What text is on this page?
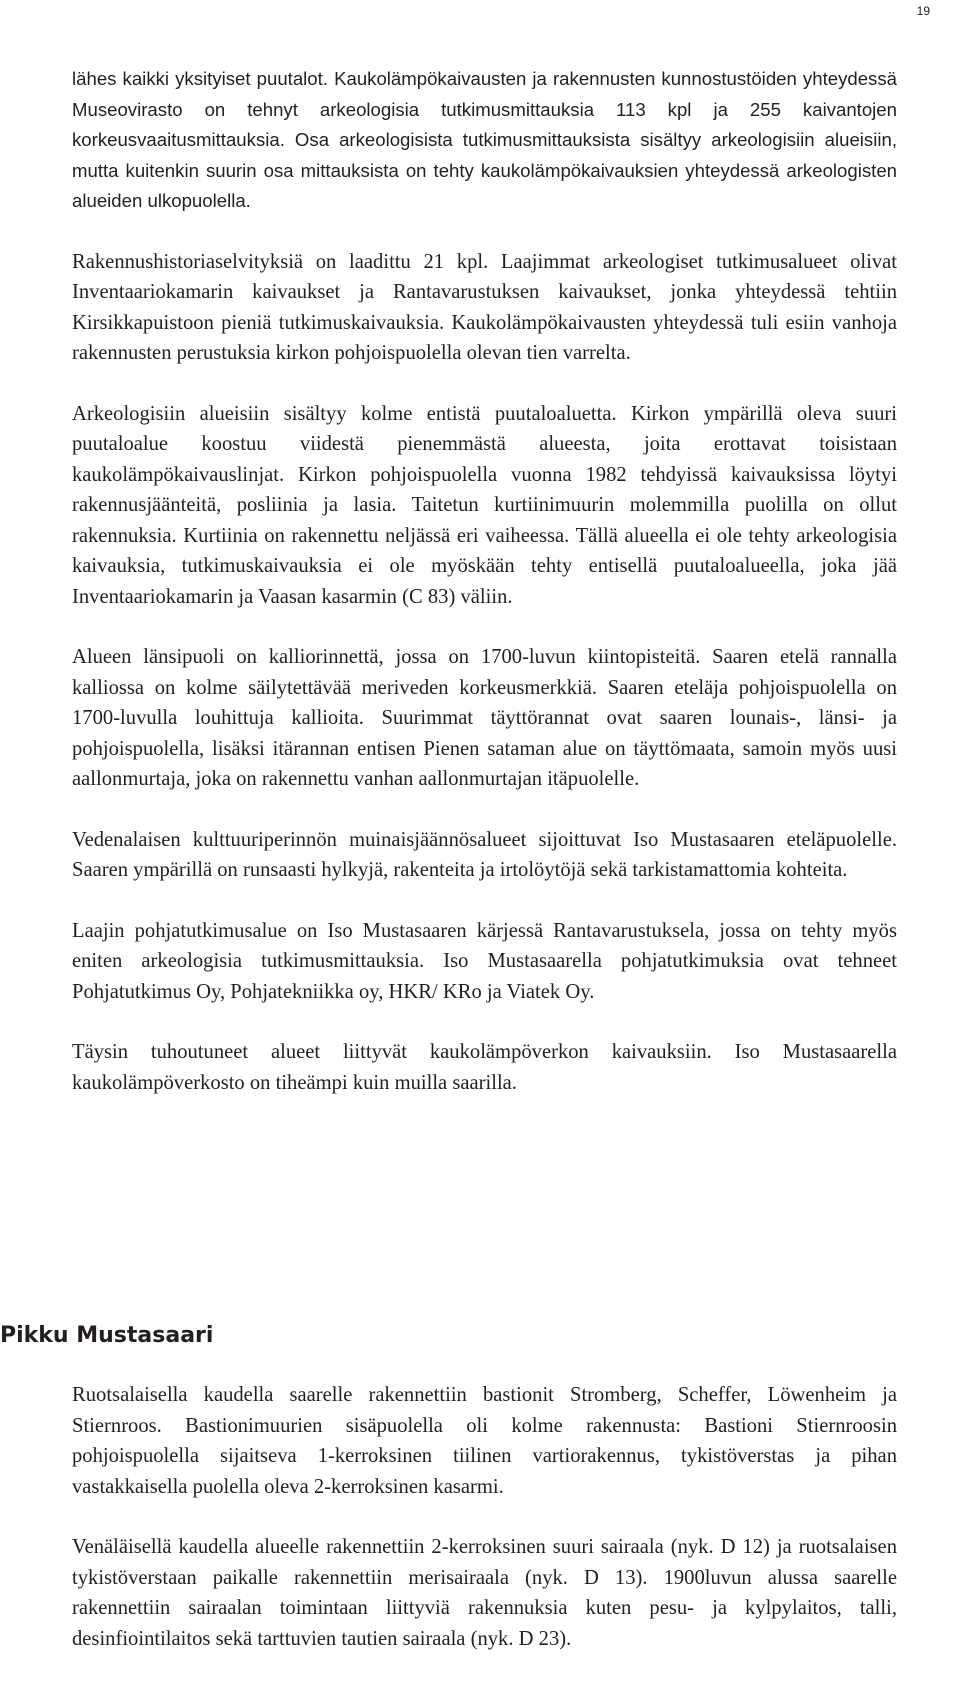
19

lähes kaikki yksityiset puutalot. Kaukolämpökaivausten ja rakennusten kunnostustöiden yhteydessä Museovirasto on tehnyt arkeologisia tutkimusmittauksia 113 kpl ja 255 kaivantojen korkeusvaaitusmittauksia. Osa arkeologisista tutkimusmittauksista sisältyy arkeologisiin alueisiin, mutta kuitenkin suurin osa mittauksista on tehty kaukolämpökaivauksien yhteydessä arkeologisten alueiden ulkopuolella.

Rakennushistoriaselvityksiä on laadittu 21 kpl. Laajimmat arkeologiset tutkimusalueet olivat Inventaariokamarin kaivaukset ja Rantavarustuksen kaivaukset, jonka yhteydessä tehtiin Kirsikkapuistoon pieniä tutkimuskaivauksia. Kaukolämpökaivausten yhteydessä tuli esiin vanhoja rakennusten perustuksia kirkon pohjoispuolella olevan tien varrelta.

Arkeologisiin alueisiin sisältyy kolme entistä puutaloaluetta. Kirkon ympärillä oleva suuri puutaloalue koostuu viidestä pienemmästä alueesta, joita erottavat toisistaan kaukolämpökaivauslinjat. Kirkon pohjoispuolella vuonna 1982 tehdyissä kaivauksissa löytyi rakennusjäänteitä, posliinia ja lasia. Taitetun kurtiinimuurin molemmilla puolilla on ollut rakennuksia. Kurtiinia on rakennettu neljässä eri vaiheessa. Tällä alueella ei ole tehty arkeologisia kaivauksia, tutkimuskaivauksia ei ole myöskään tehty entisellä puutaloalueella, joka jää Inventaariokamarin ja Vaasan kasarmin (C 83) väliin.

Alueen länsipuoli on kalliorinnettä, jossa on 1700-luvun kiintopisteitä. Saaren etelä rannalla kalliossa on kolme säilytettävää meriveden korkeusmerkkiä. Saaren eteläja pohjoispuolella on 1700-luvulla louhittuja kallioita. Suurimmat täyttörannat ovat saaren lounais-, länsi- ja pohjoispuolella, lisäksi itärannan entisen Pienen sataman alue on täyttömaata, samoin myös uusi aallonmurtaja, joka on rakennettu vanhan aallonmurtajan itäpuolelle.

Vedenalaisen kulttuuriperinnön muinaisjäännösalueet sijoittuvat Iso Mustasaaren eteläpuolelle. Saaren ympärillä on runsaasti hylkyjä, rakenteita ja irtolöytöjä sekä tarkistamattomia kohteita.

Laajin pohjatutkimusalue on Iso Mustasaaren kärjessä Rantavarustuksela, jossa on tehty myös eniten arkeologisia tutkimusmittauksia. Iso Mustasaarella pohjatutkimuksia ovat tehneet Pohjatutkimus Oy, Pohjatekniikka oy, HKR/ KRo ja Viatek Oy.

Täysin tuhoutuneet alueet liittyvät kaukolämpöverkon kaivauksiin. Iso Mustasaarella kaukolämpöverkosto on tiheämpi kuin muilla saarilla.

Pikku Mustasaari

Ruotsalaisella kaudella saarelle rakennettiin bastionit Stromberg, Scheffer, Löwenheim ja Stiernroos. Bastionimuurien sisäpuolella oli kolme rakennusta: Bastioni Stiernroosin pohjoispuolella sijaitseva 1-kerroksinen tiilinen vartiorakennus, tykistöverstas ja pihan vastakkaisella puolella oleva 2-kerroksinen kasarmi.

Venäläisellä kaudella alueelle rakennettiin 2-kerroksinen suuri sairaala (nyk. D 12) ja ruotsalaisen tykistöverstaan paikalle rakennettiin merisairaala (nyk. D 13). 1900luvun alussa saarelle rakennettiin sairaalan toimintaan liittyviä rakennuksia kuten pesu- ja kylpylaitos, talli, desinfiointilaitos sekä tarttuvien tautien sairaala (nyk. D 23).
